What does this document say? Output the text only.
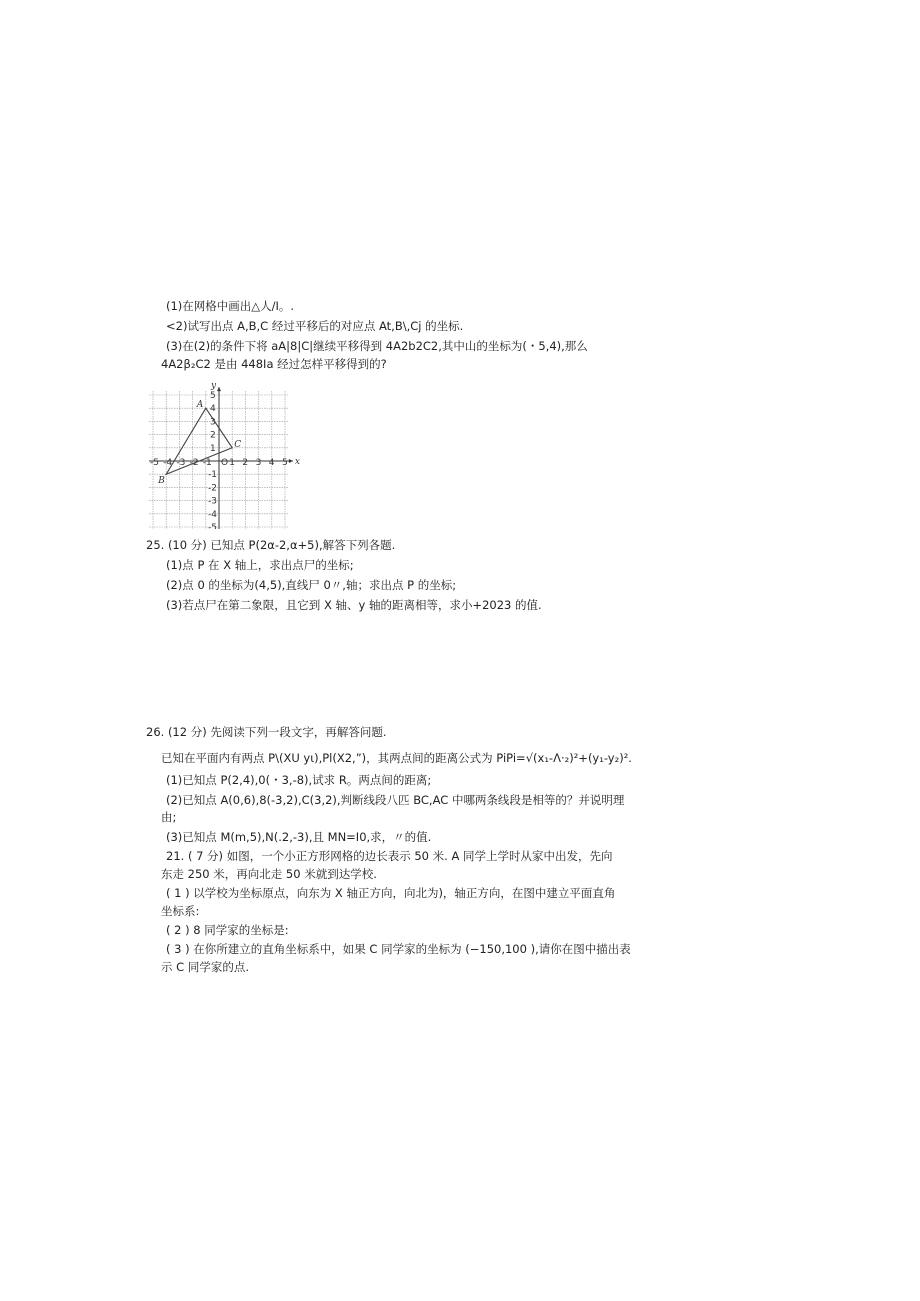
(1)在网格中画出△人/I。.
<2)试写出点 A,B,C 经过平移后的对应点 At,B\,Cj 的坐标.
(3)在(2)的条件下将 aA|8|C|继续平移得到 4A2b2C2,其中山的坐标为(・5,4),那么
4A2β₂C2 是由 448Ia 经过怎样平移得到的?
x
y
-5 -4 -3 -2 -1 O 1 2 3 4 5
5
4
3
2
1
-1
-2
-3
-4
-5
A
B
C
25. (10 分) 已知点 P(2α-2,α+5),解答下列各题.
(1)点 P 在 X 轴上，求出点尸的坐标;
(2)点 0 的坐标为(4,5),直线尸 0〃,轴；求出点 P 的坐标;
(3)若点尸在第二象限，且它到 X 轴、y 轴的距离相等，求小+2023 的值.
26. (12 分) 先阅读下列一段文字，再解答问题.
已知在平面内有两点 P\(XU yι),Pl(X2,”)，其两点间的距离公式为 PiPi=√(x₁-Λ·₂)²+(y₁-y₂)².
(1)已知点 P(2,4),0(・3,-8),试求 R。两点间的距离;
(2)已知点 A(0,6),8(-3,2),C(3,2),判断线段八匹 BC,AC 中哪两条线段是相等的？并说明理
由;
(3)已知点 M(m,5),N(.2,-3),且 MN=I0,求，〃的值.
21. ( 7 分) 如图，一个小正方形网格的边长表示 50 米. A 同学上学时从家中出发，先向
东走 250 米，再向北走 50 米就到达学校.
( 1 ) 以学校为坐标原点，向东为 X 轴正方向，向北为)，轴正方向，在图中建立平面直角
坐标系:
( 2 ) 8 同学家的坐标是:
( 3 ) 在你所建立的直角坐标系中，如果 C 同学家的坐标为 (−150,100 ),请你在图中描出表
示 C 同学家的点.
